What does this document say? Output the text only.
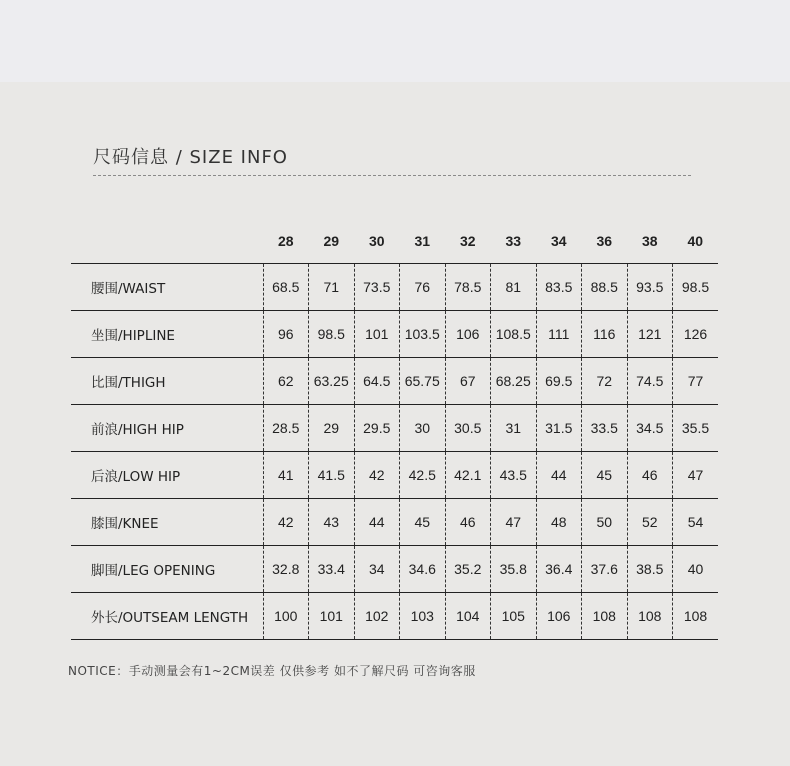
尺码信息 / SIZE INFO
	28	29	30	31	32	33	34	36	38	40
腰围/WAIST	68.5	71	73.5	76	78.5	81	83.5	88.5	93.5	98.5
坐围/HIPLINE	96	98.5	101	103.5	106	108.5	111	116	121	126
比围/THIGH	62	63.25	64.5	65.75	67	68.25	69.5	72	74.5	77
前浪/HIGH HIP	28.5	29	29.5	30	30.5	31	31.5	33.5	34.5	35.5
后浪/LOW HIP	41	41.5	42	42.5	42.1	43.5	44	45	46	47
膝围/KNEE	42	43	44	45	46	47	48	50	52	54
脚围/LEG OPENING	32.8	33.4	34	34.6	35.2	35.8	36.4	37.6	38.5	40
外长/OUTSEAM LENGTH	100	101	102	103	104	105	106	108	108	108
NOTICE：手动测量会有1~2CM误差 仅供参考 如不了解尺码 可咨询客服
